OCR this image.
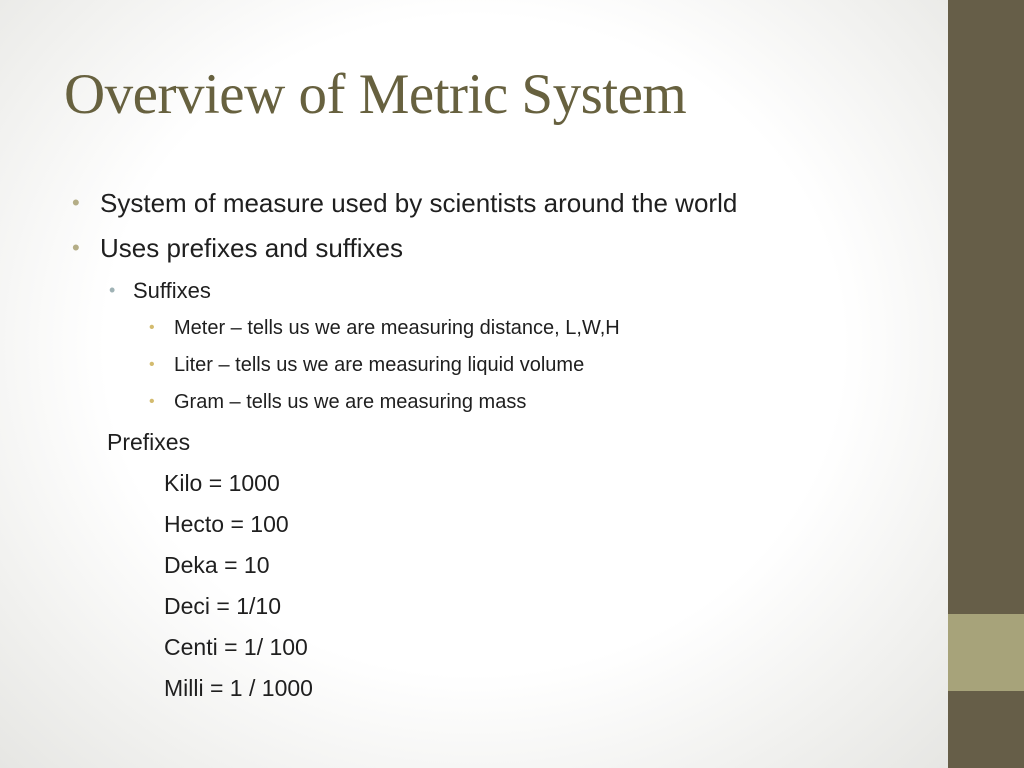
Overview of Metric System
• System of measure used by scientists around the world
• Uses prefixes and suffixes
• Suffixes
• Meter – tells us we are measuring distance, L,W,H
• Liter – tells us we are measuring liquid volume
• Gram – tells us we are measuring mass
Prefixes
Kilo = 1000
Hecto = 100
Deka = 10
Deci = 1/10
Centi = 1/ 100
Milli = 1 / 1000
